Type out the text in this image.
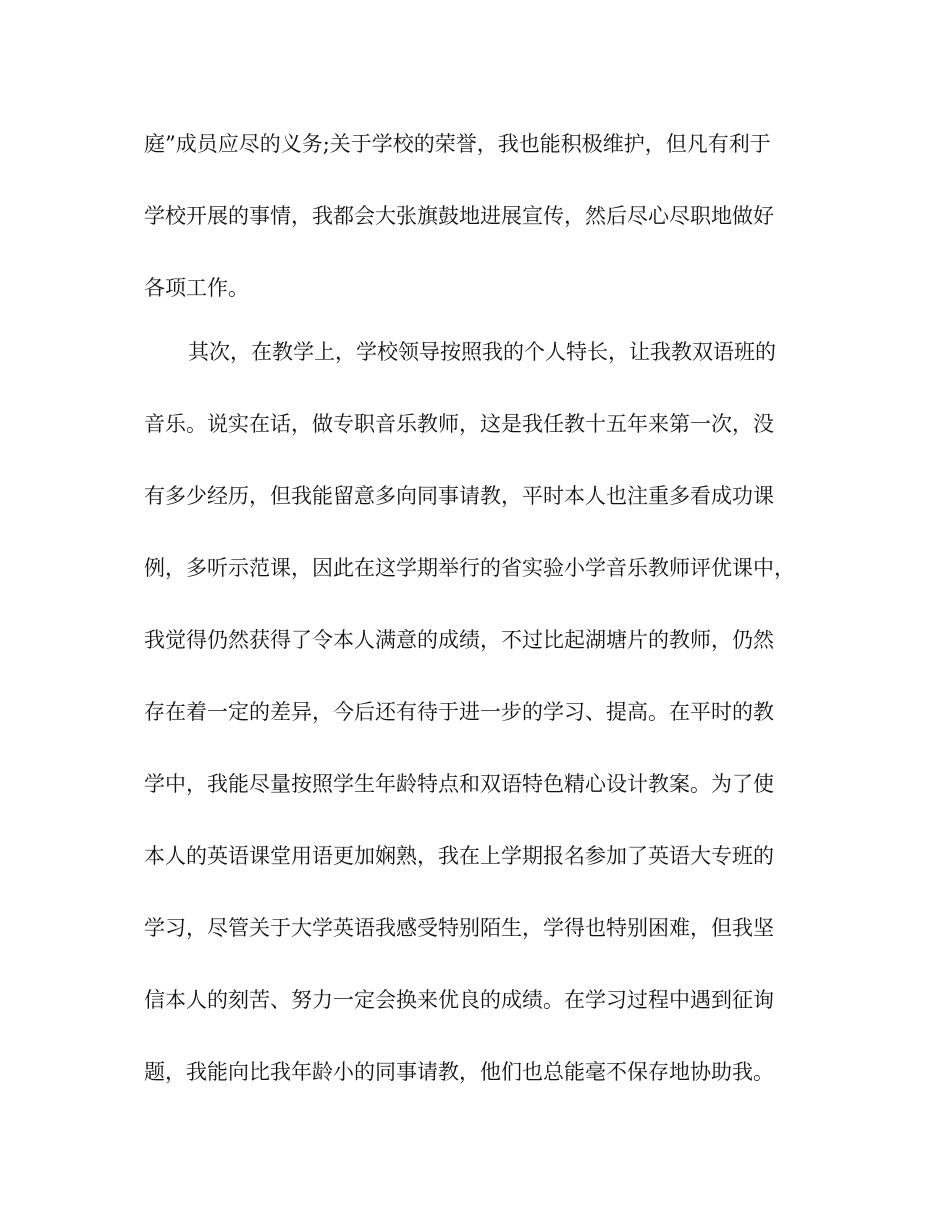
庭”成员应尽的义务;关于学校的荣誉，我也能积极维护，但凡有利于
学校开展的事情，我都会大张旗鼓地进展宣传，然后尽心尽职地做好
各项工作。
其次，在教学上，学校领导按照我的个人特长，让我教双语班的
音乐。说实在话，做专职音乐教师，这是我任教十五年来第一次，没
有多少经历，但我能留意多向同事请教，平时本人也注重多看成功课
例，多听示范课，因此在这学期举行的省实验小学音乐教师评优课中，
我觉得仍然获得了令本人满意的成绩，不过比起湖塘片的教师，仍然
存在着一定的差异，今后还有待于进一步的学习、提高。在平时的教
学中，我能尽量按照学生年龄特点和双语特色精心设计教案。为了使
本人的英语课堂用语更加娴熟，我在上学期报名参加了英语大专班的
学习，尽管关于大学英语我感受特别陌生，学得也特别困难，但我坚
信本人的刻苦、努力一定会换来优良的成绩。在学习过程中遇到征询
题，我能向比我年龄小的同事请教，他们也总能毫不保存地协助我。
